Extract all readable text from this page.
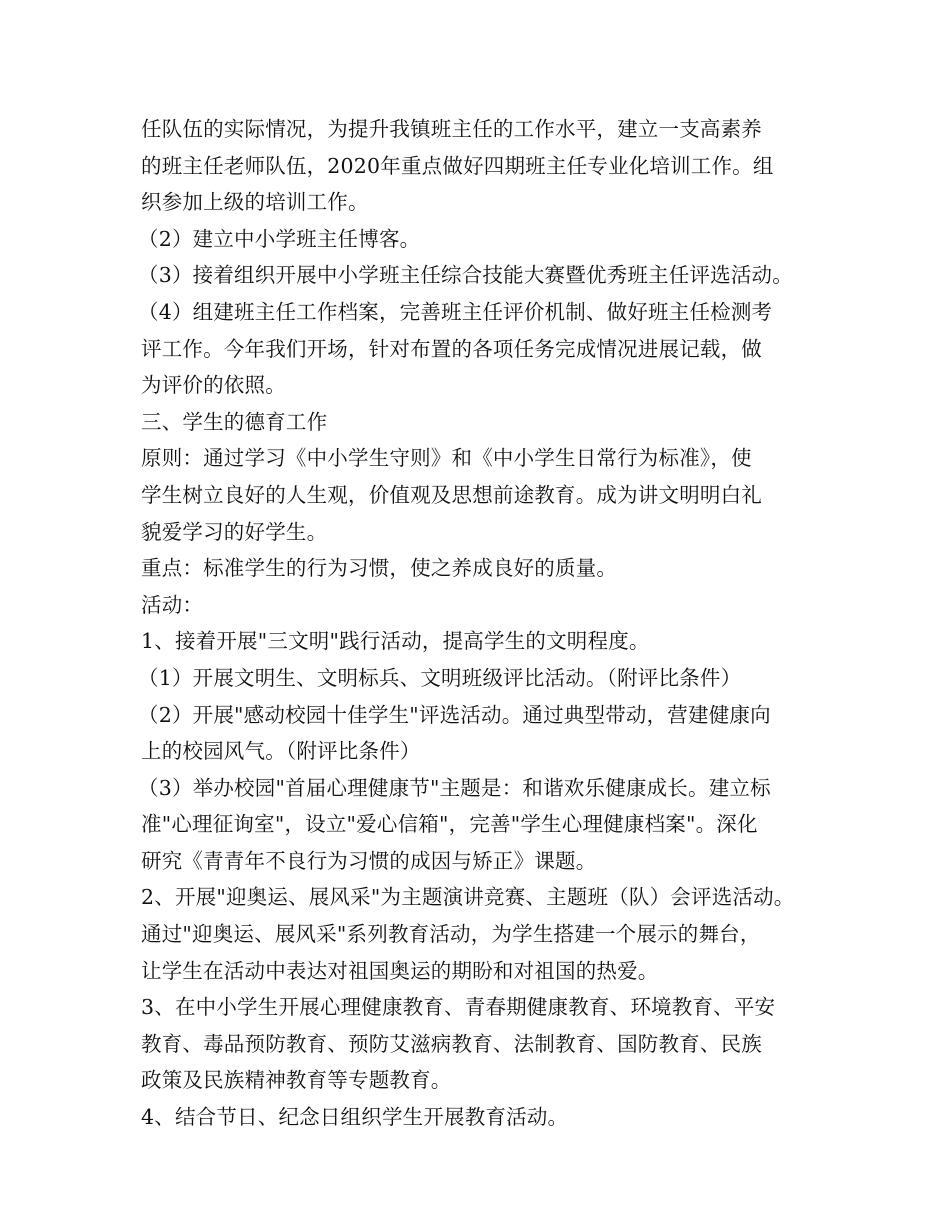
任队伍的实际情况，为提升我镇班主任的工作水平，建立一支高素养
的班主任老师队伍，2020年重点做好四期班主任专业化培训工作。组
织参加上级的培训工作。
（2）建立中小学班主任博客。
（3）接着组织开展中小学班主任综合技能大赛暨优秀班主任评选活动。
（4）组建班主任工作档案，完善班主任评价机制、做好班主任检测考
评工作。今年我们开场，针对布置的各项任务完成情况进展记载，做
为评价的依照。
三、学生的德育工作
原则：通过学习《中小学生守则》和《中小学生日常行为标准》，使
学生树立良好的人生观，价值观及思想前途教育。成为讲文明明白礼
貌爱学习的好学生。
重点：标准学生的行为习惯，使之养成良好的质量。
活动：
1、接着开展"三文明"践行活动，提高学生的文明程度。
（1）开展文明生、文明标兵、文明班级评比活动。（附评比条件）
（2）开展"感动校园十佳学生"评选活动。通过典型带动，营建健康向
上的校园风气。（附评比条件）
（3）举办校园"首届心理健康节"主题是：和谐欢乐健康成长。建立标
准"心理征询室"，设立"爱心信箱"，完善"学生心理健康档案"。深化
研究《青青年不良行为习惯的成因与矫正》课题。
2、开展"迎奥运、展风采"为主题演讲竞赛、主题班（队）会评选活动。
通过"迎奥运、展风采"系列教育活动，为学生搭建一个展示的舞台，
让学生在活动中表达对祖国奥运的期盼和对祖国的热爱。
3、在中小学生开展心理健康教育、青春期健康教育、环境教育、平安
教育、毒品预防教育、预防艾滋病教育、法制教育、国防教育、民族
政策及民族精神教育等专题教育。
4、结合节日、纪念日组织学生开展教育活动。
